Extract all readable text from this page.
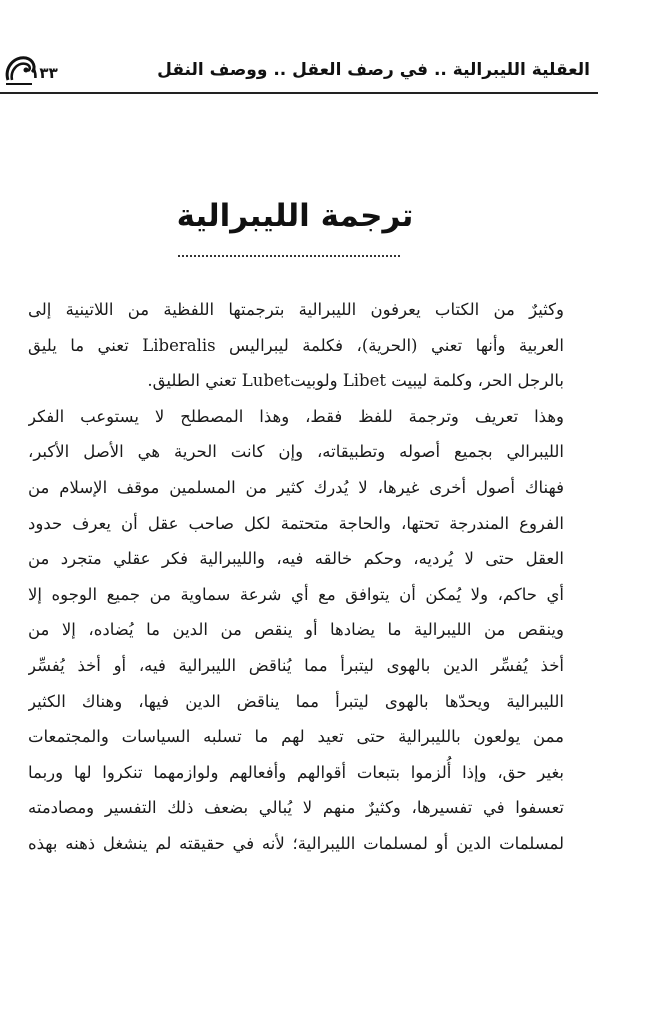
١٣٣	العقلية الليبرالية .. في رصف العقل .. ووصف النقل
ترجمة الليبرالية
وكثيرٌ من الكتاب يعرفون الليبرالية بترجمتها اللفظية من اللاتينية إلى
العربية وأنها تعني (الحرية)، فكلمة ليبراليس Liberalis تعني ما يليق
بالرجل الحر، وكلمة ليبيت Libet ولوبيتLubet تعني الطليق.
وهذا تعريف وترجمة للفظ فقط، وهذا المصطلح لا يستوعب الفكر
الليبرالي بجميع أصوله وتطبيقاته، وإن كانت الحرية هي الأصل الأكبر،
فهناك أصول أخرى غيرها، لا يُدرك كثير من المسلمين موقف الإسلام من
الفروع المندرجة تحتها، والحاجة متحتمة لكل صاحب عقل أن يعرف حدود
العقل حتى لا يُرديه، وحكم خالقه فيه، والليبرالية فكر عقلي متجرد من
أي حاكم، ولا يُمكن أن يتوافق مع أي شرعة سماوية من جميع الوجوه إلا
وينقص من الليبرالية ما يضادها أو ينقص من الدين ما يُضاده، إلا من
أخذ يُفسِّر الدين بالهوى ليتبرأ مما يُناقض الليبرالية فيه، أو أخذ يُفسِّر
الليبرالية ويحدّها بالهوى ليتبرأ مما يناقض الدين فيها، وهناك الكثير
ممن يولعون بالليبرالية حتى تعيد لهم ما تسلبه السياسات والمجتمعات
بغير حق، وإذا أُلزموا بتبعات أقوالهم وأفعالهم ولوازمهما تنكروا لها وربما
تعسفوا في تفسيرها، وكثيرٌ منهم لا يُبالي بضعف ذلك التفسير ومصادمته
لمسلمات الدين أو لمسلمات الليبرالية؛ لأنه في حقيقته لم ينشغل ذهنه بهذه
